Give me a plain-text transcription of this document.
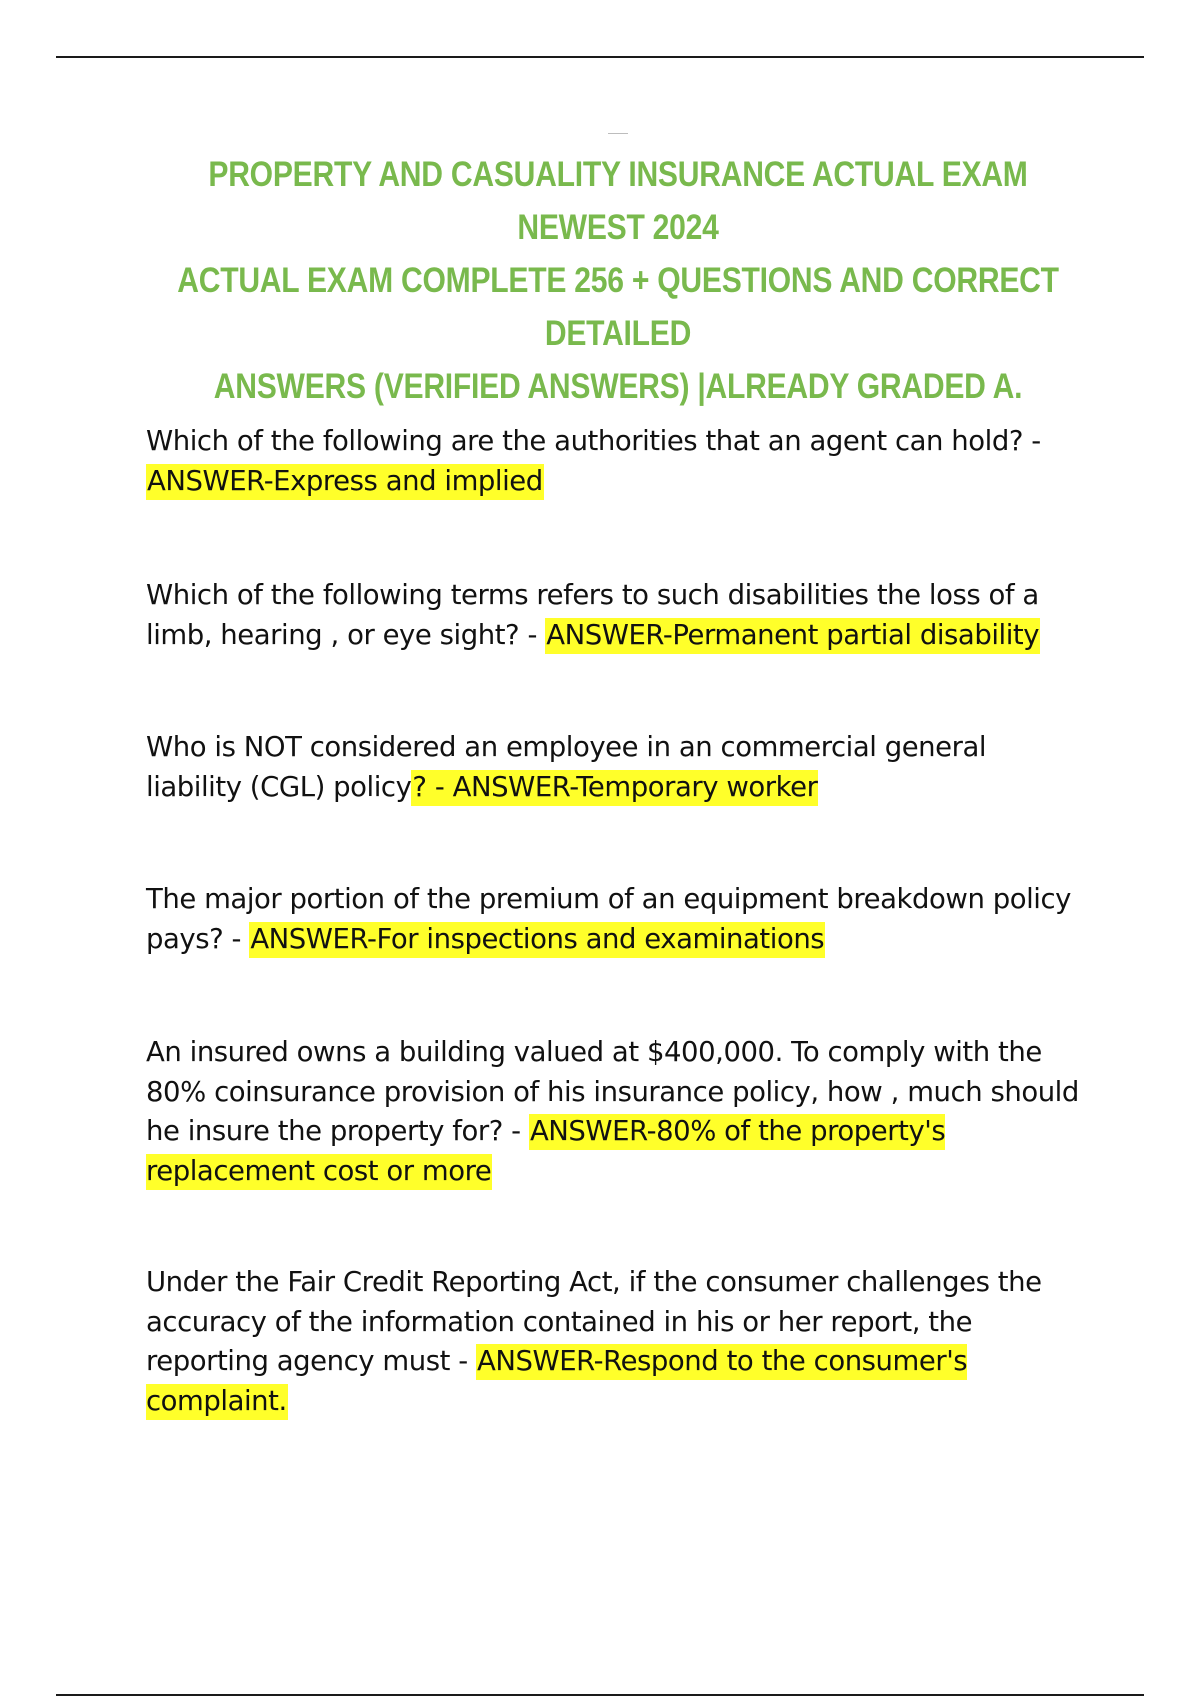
PROPERTY AND CASUALITY INSURANCE ACTUAL EXAM NEWEST 2024
ACTUAL EXAM COMPLETE 256 + QUESTIONS AND CORRECT DETAILED
ANSWERS (VERIFIED ANSWERS) |ALREADY GRADED A.
Which of the following are the authorities that an agent can hold? -
ANSWER-Express and implied
Which of the following terms refers to such disabilities the loss of a limb, hearing , or eye sight? - ANSWER-Permanent partial disability
Who is NOT considered an employee in an commercial general liability (CGL) policy? - ANSWER-Temporary worker
The major portion of the premium of an equipment breakdown policy pays? - ANSWER-For inspections and examinations
An insured owns a building valued at $400,000. To comply with the 80% coinsurance provision of his insurance policy, how , much should he insure the property for? - ANSWER-80% of the property's replacement cost or more
Under the Fair Credit Reporting Act, if the consumer challenges the accuracy of the information contained in his or her report, the reporting agency must - ANSWER-Respond to the consumer's complaint.
